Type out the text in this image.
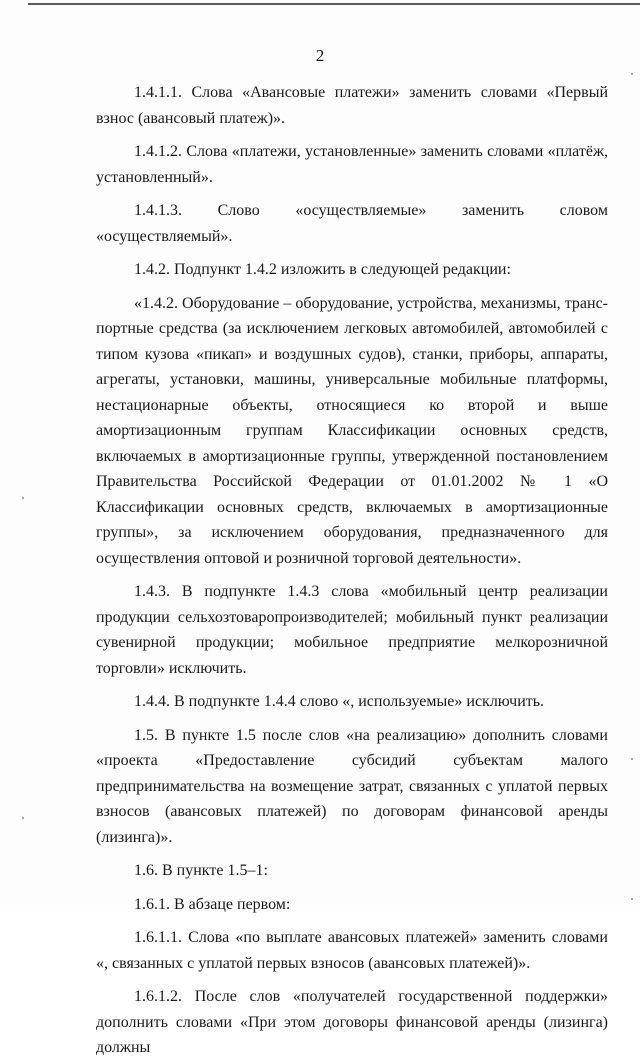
2

1.4.1.1. Слова «Авансовые платежи» заменить словами «Первый взнос (авансовый платеж)».

1.4.1.2. Слова «платежи, установленные» заменить словами «платёж, установленный».

1.4.1.3. Слово «осуществляемые» заменить словом «осуществляемый».

1.4.2. Подпункт 1.4.2 изложить в следующей редакции:

«1.4.2. Оборудование – оборудование, устройства, механизмы, транспортные средства (за исключением легковых автомобилей, автомобилей с типом кузова «пикап» и воздушных судов), станки, приборы, аппараты, агрегаты, установки, машины, универсальные мобильные платформы, нестационарные объекты, относящиеся ко второй и выше амортизационным группам Классификации основных средств, включаемых в амортизационные группы, утвержденной постановлением Правительства Российской Федерации от 01.01.2002 № 1 «О Классификации основных средств, включаемых в амортизационные группы», за исключением оборудования, предназначенного для осуществления оптовой и розничной торговой деятельности».

1.4.3. В подпункте 1.4.3 слова «мобильный центр реализации продукции сельхозтоваропроизводителей; мобильный пункт реализации сувенирной продукции; мобильное предприятие мелкорозничной торговли» исключить.

1.4.4. В подпункте 1.4.4 слово «, используемые» исключить.

1.5. В пункте 1.5 после слов «на реализацию» дополнить словами «проекта «Предоставление субсидий субъектам малого предпринимательства на возмещение затрат, связанных с уплатой первых взносов (авансовых платежей) по договорам финансовой аренды (лизинга)».

1.6. В пункте 1.5–1:

1.6.1. В абзаце первом:

1.6.1.1. Слова «по выплате авансовых платежей» заменить словами «, связанных с уплатой первых взносов (авансовых платежей)».

1.6.1.2. После слов «получателей государственной поддержки» дополнить словами «При этом договоры финансовой аренды (лизинга) должны
